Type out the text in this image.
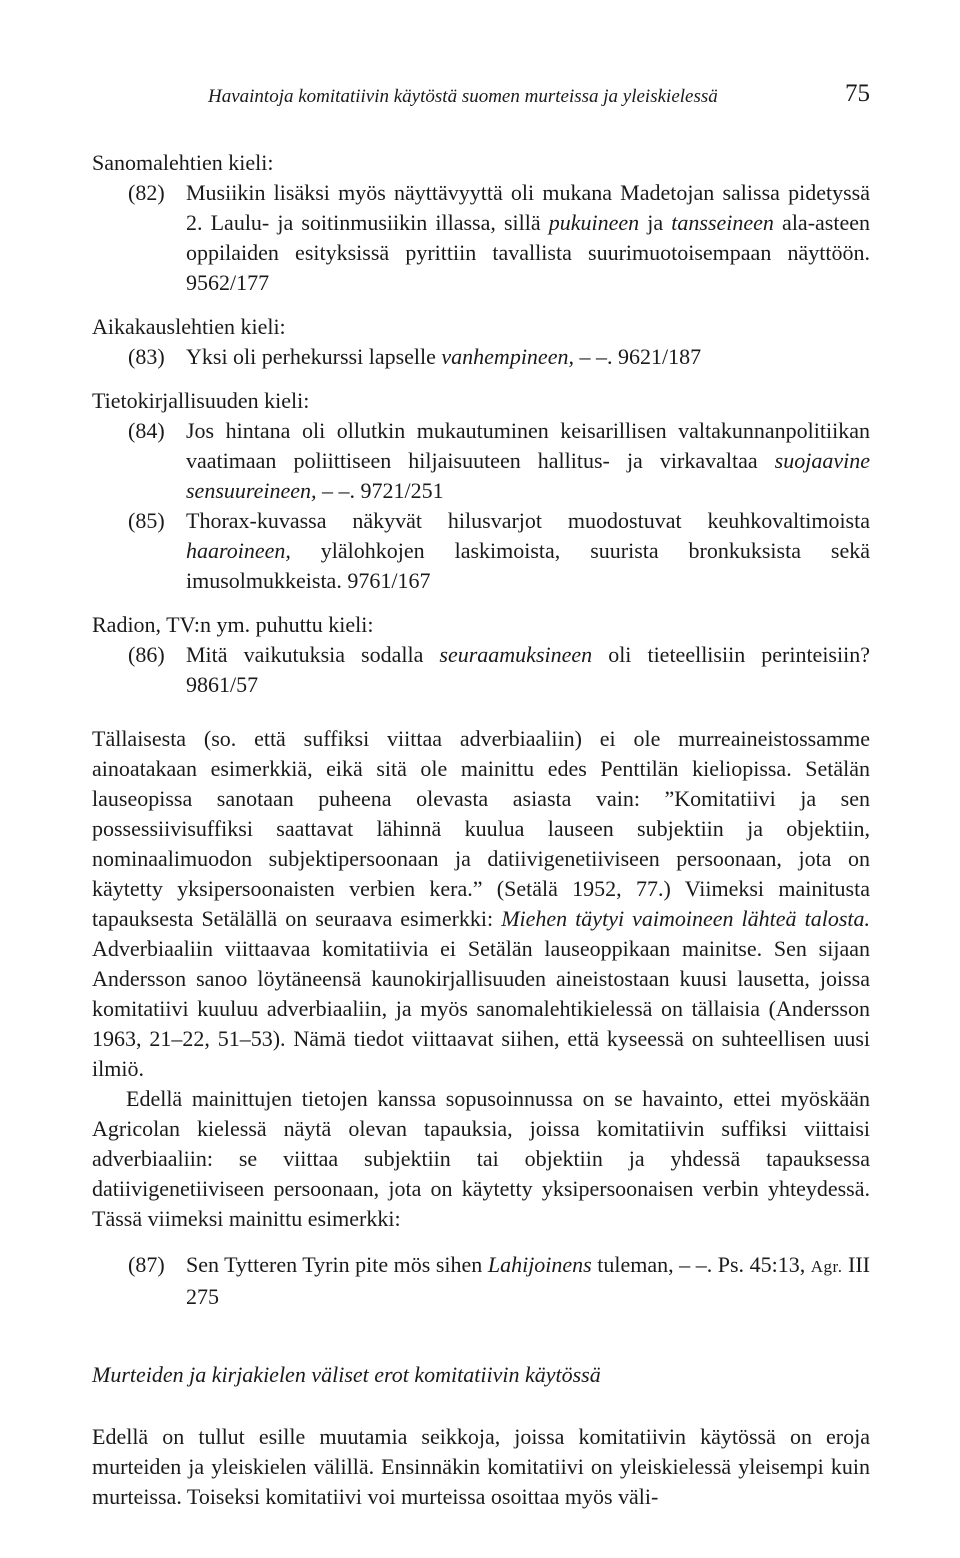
Havaintoja komitatiivin käytöstä suomen murteissa ja yleiskielessä	75
Sanomalehtien kieli:
(82) Musiikin lisäksi myös näyttävyyttä oli mukana Madetojan salissa pidetyssä 2. Laulu- ja soitinmusiikin illassa, sillä pukuineen ja tansseineen ala-asteen oppilaiden esityksissä pyrittiin tavallista suurimuotoisempaan näyttöön. 9562/177
Aikakauslehtien kieli:
(83) Yksi oli perhekurssi lapselle vanhempineen, – –. 9621/187
Tietokirjallisuuden kieli:
(84) Jos hintana oli ollutkin mukautuminen keisarillisen valtakunnanpolitiikan vaatimaan poliittiseen hiljaisuuteen hallitus- ja virkavaltaa suojaavine sensuureineen, – –. 9721/251
(85) Thorax-kuvassa näkyvät hilusvarjot muodostuvat keuhkovaltimoista haaroineen, ylälohkojen laskimoista, suurista bronkuksista sekä imusolmukkeista. 9761/167
Radion, TV:n ym. puhuttu kieli:
(86) Mitä vaikutuksia sodalla seuraamuksineen oli tieteellisiin perinteisiin? 9861/57

Tällaisesta (so. että suffiksi viittaa adverbiaaliin) ei ole murreaineistossamme ainoatakaan esimerkkiä, eikä sitä ole mainittu edes Penttilän kieliopissa. Setälän lauseopissa sanotaan puheena olevasta asiasta vain: ”Komitatiivi ja sen possessiivisuffiksi saattavat lähinnä kuulua lauseen subjektiin ja objektiin, nominaalimuodon subjektipersoonaan ja datiivigenetiiviseen persoonaan, jota on käytetty yksipersoonaisten verbien kera.” (Setälä 1952, 77.) Viimeksi mainitusta tapauksesta Setälällä on seuraava esimerkki: Miehen täytyi vaimoineen lähteä talosta. Adverbiaaliin viittaavaa komitatiivia ei Setälän lauseoppikaan mainitse. Sen sijaan Andersson sanoo löytäneensä kaunokirjallisuuden aineistostaan kuusi lausetta, joissa komitatiivi kuuluu adverbiaaliin, ja myös sanomalehtikielessä on tällaisia (Andersson 1963, 21–22, 51–53). Nämä tiedot viittaavat siihen, että kyseessä on suhteellisen uusi ilmiö.

Edellä mainittujen tietojen kanssa sopusoinnussa on se havainto, ettei myöskään Agricolan kielessä näytä olevan tapauksia, joissa komitatiivin suffiksi viittaisi adverbiaaliin: se viittaa subjektiin tai objektiin ja yhdessä tapauksessa datiivigenetiiviseen persoonaan, jota on käytetty yksipersoonaisen verbin yhteydessä. Tässä viimeksi mainittu esimerkki:

(87) Sen Tytteren Tyrin pite mös sihen Lahijoinens tuleman, – –. Ps. 45:13, Agr. III 275
Murteiden ja kirjakielen väliset erot komitatiivin käytössä

Edellä on tullut esille muutamia seikkoja, joissa komitatiivin käytössä on eroja murteiden ja yleiskielen välillä. Ensinnäkin komitatiivi on yleiskielessä yleisempi kuin murteissa. Toiseksi komitatiivi voi murteissa osoittaa myös väli-
